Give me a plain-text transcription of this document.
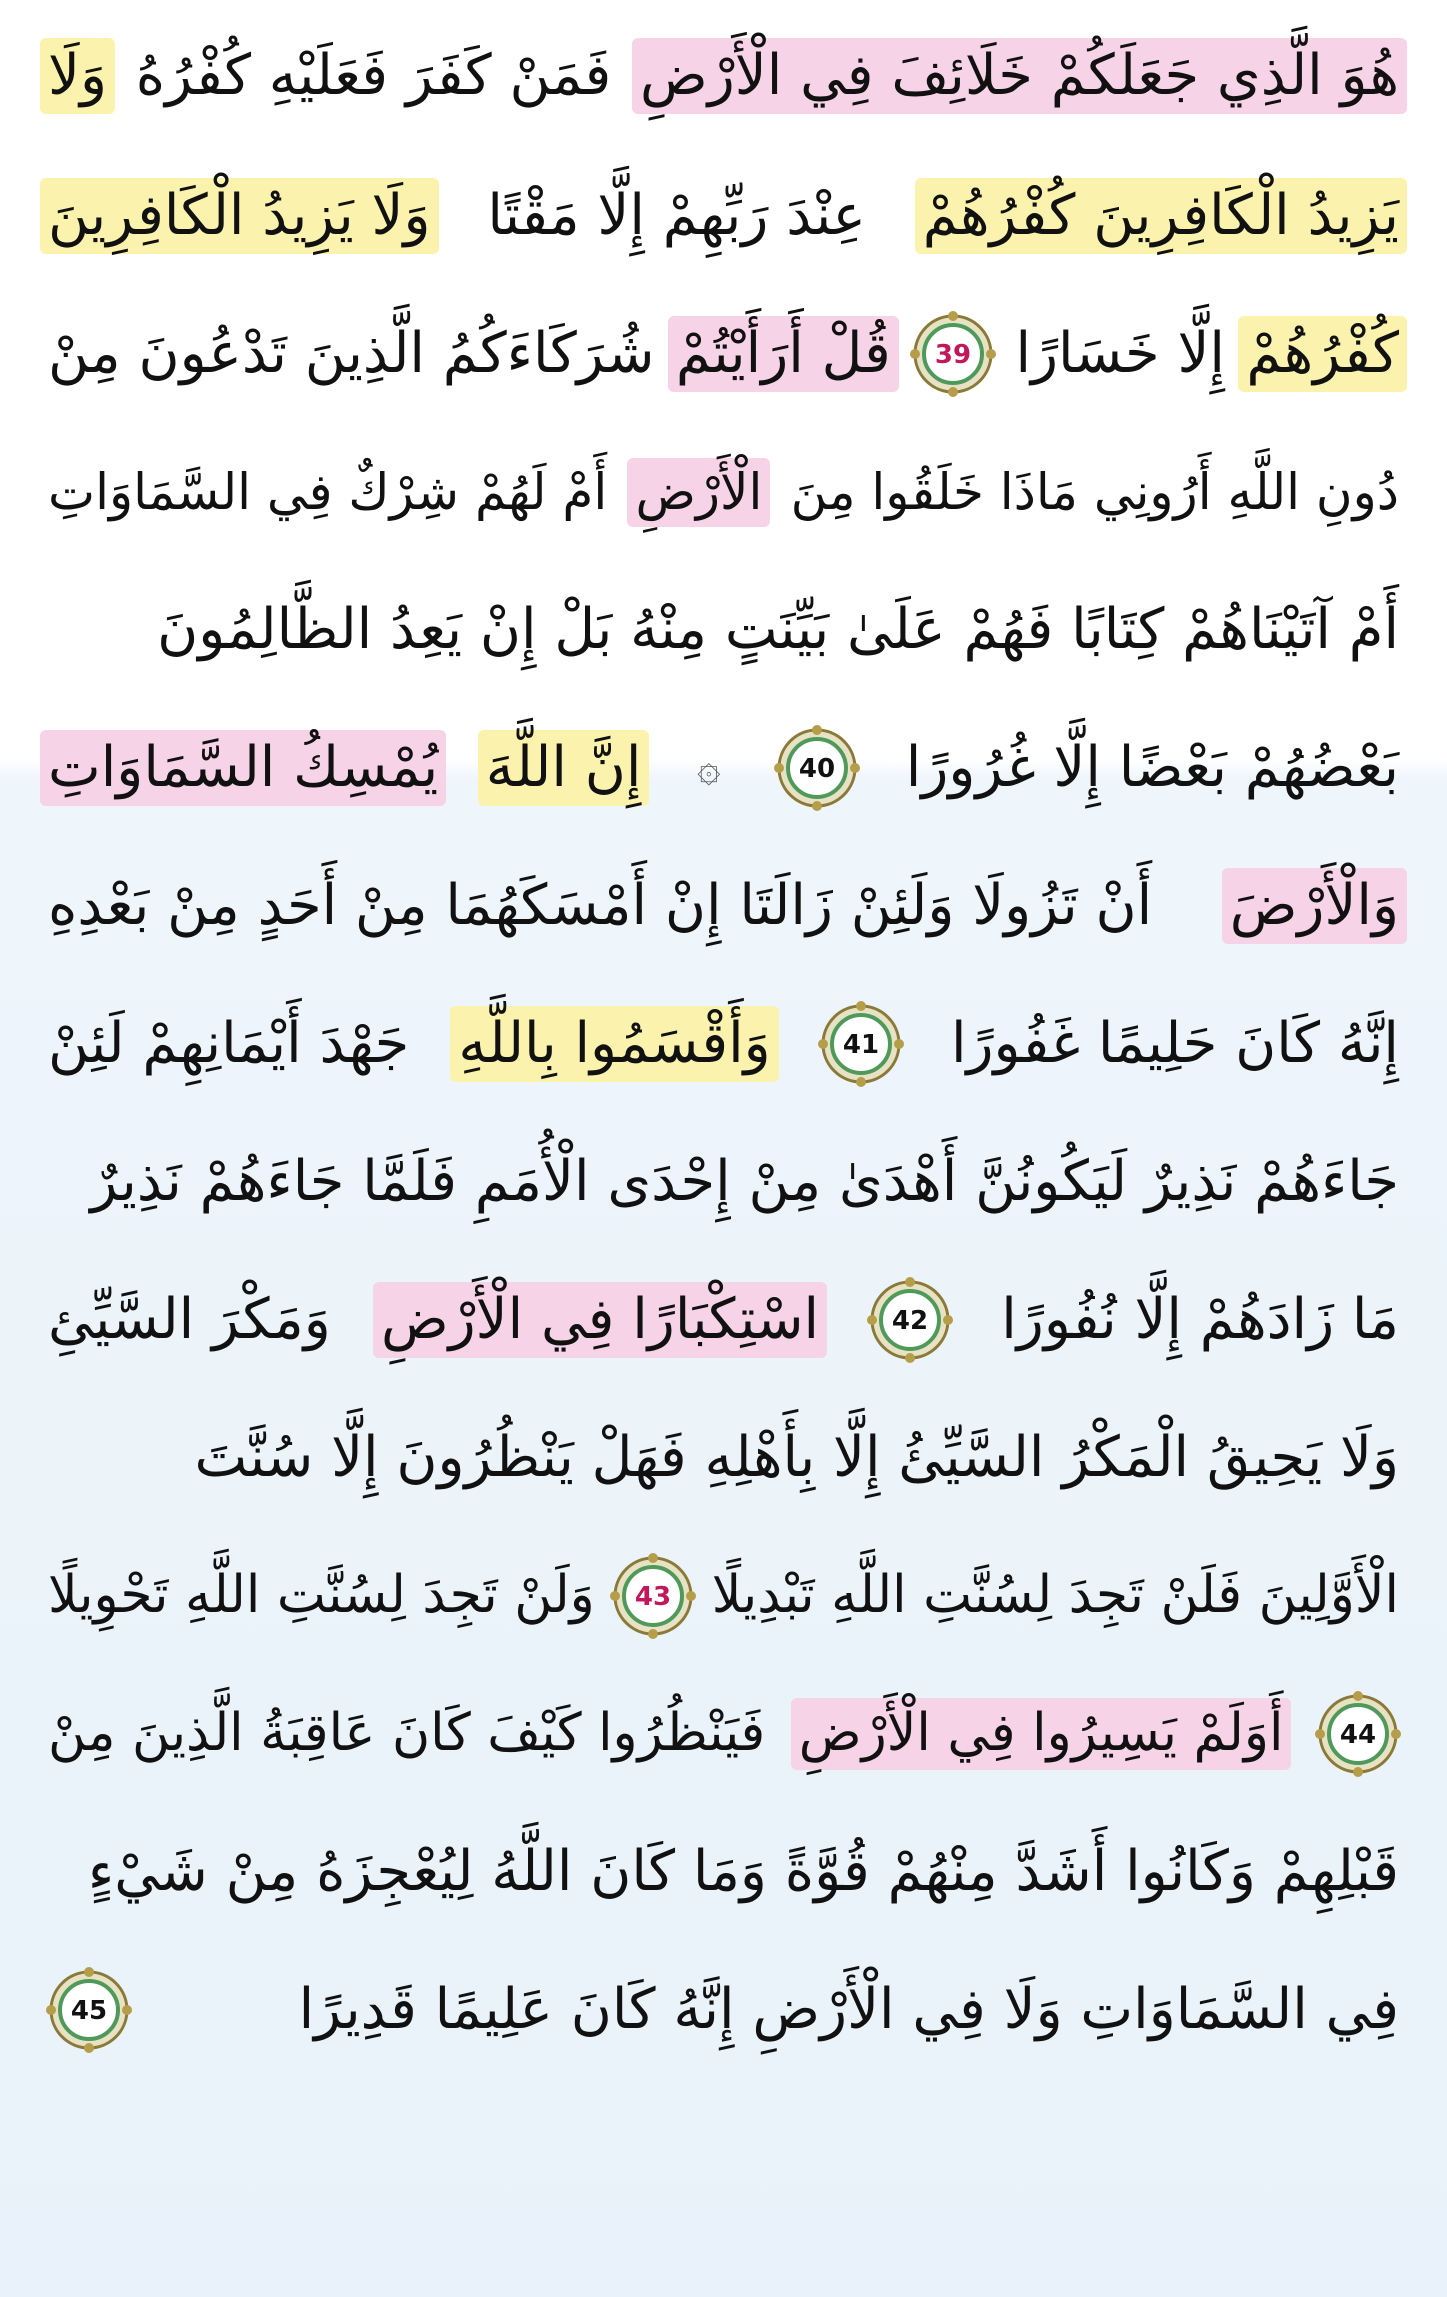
هُوَ الَّذِي جَعَلَكُمْ خَلَائِفَ فِي الْأَرْضِ
فَمَنْ كَفَرَ فَعَلَيْهِ كُفْرُهُ
وَلَا
يَزِيدُ الْكَافِرِينَ كُفْرُهُمْ
عِنْدَ رَبِّهِمْ إِلَّا مَقْتًا
وَلَا يَزِيدُ الْكَافِرِينَ
كُفْرُهُمْ
إِلَّا خَسَارًا
39
قُلْ أَرَأَيْتُمْ
شُرَكَاءَكُمُ الَّذِينَ تَدْعُونَ مِنْ
دُونِ اللَّهِ أَرُونِي مَاذَا خَلَقُوا مِنَ
الْأَرْضِ
أَمْ لَهُمْ شِرْكٌ فِي السَّمَاوَاتِ
أَمْ آتَيْنَاهُمْ كِتَابًا فَهُمْ عَلَىٰ بَيِّنَتٍ مِنْهُ بَلْ إِنْ يَعِدُ الظَّالِمُونَ
بَعْضُهُمْ بَعْضًا إِلَّا غُرُورًا
40
۞
إِنَّ اللَّهَ
يُمْسِكُ السَّمَاوَاتِ
وَالْأَرْضَ
أَنْ تَزُولَا وَلَئِنْ زَالَتَا إِنْ أَمْسَكَهُمَا مِنْ أَحَدٍ مِنْ بَعْدِهِ
إِنَّهُ كَانَ حَلِيمًا غَفُورًا
41
وَأَقْسَمُوا بِاللَّهِ
جَهْدَ أَيْمَانِهِمْ لَئِنْ
جَاءَهُمْ نَذِيرٌ لَيَكُونُنَّ أَهْدَىٰ مِنْ إِحْدَى الْأُمَمِ فَلَمَّا جَاءَهُمْ نَذِيرٌ
مَا زَادَهُمْ إِلَّا نُفُورًا
42
اسْتِكْبَارًا فِي الْأَرْضِ
وَمَكْرَ السَّيِّئِ
وَلَا يَحِيقُ الْمَكْرُ السَّيِّئُ إِلَّا بِأَهْلِهِ فَهَلْ يَنْظُرُونَ إِلَّا سُنَّتَ
الْأَوَّلِينَ فَلَنْ تَجِدَ لِسُنَّتِ اللَّهِ تَبْدِيلًا
43
وَلَنْ تَجِدَ لِسُنَّتِ اللَّهِ تَحْوِيلًا
44
أَوَلَمْ يَسِيرُوا فِي الْأَرْضِ
فَيَنْظُرُوا كَيْفَ كَانَ عَاقِبَةُ الَّذِينَ مِنْ
قَبْلِهِمْ وَكَانُوا أَشَدَّ مِنْهُمْ قُوَّةً وَمَا كَانَ اللَّهُ لِيُعْجِزَهُ مِنْ شَيْءٍ
فِي السَّمَاوَاتِ وَلَا فِي الْأَرْضِ إِنَّهُ كَانَ عَلِيمًا قَدِيرًا
45
